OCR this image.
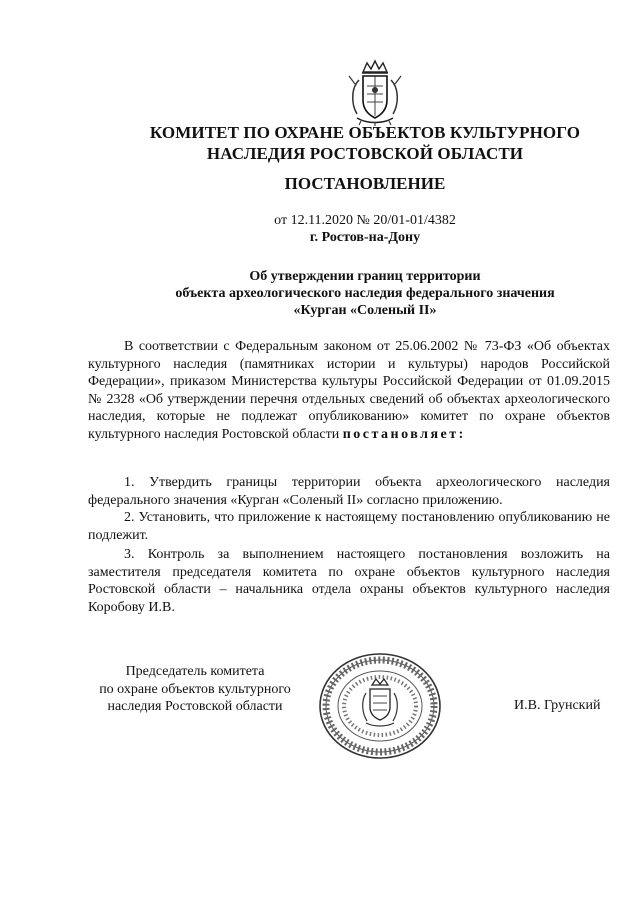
КОМИТЕТ ПО ОХРАНЕ ОБЪЕКТОВ КУЛЬТУРНОГО
НАСЛЕДИЯ РОСТОВСКОЙ ОБЛАСТИ
ПОСТАНОВЛЕНИЕ
от 12.11.2020 № 20/01-01/4382
г. Ростов-на-Дону
Об утверждении границ территории
объекта археологического наследия федерального значения
«Курган «Соленый II»

В соответствии с Федеральным законом от 25.06.2002 № 73-ФЗ «Об объектах культурного наследия (памятниках истории и культуры) народов Российской Федерации», приказом Министерства культуры Российской Федерации от 01.09.2015 № 2328 «Об утверждении перечня отдельных сведений об объектах археологического наследия, которые не подлежат опубликованию» комитет по охране объектов культурного наследия Ростовской области постановляет:

1. Утвердить границы территории объекта археологического наследия федерального значения «Курган «Соленый II» согласно приложению.

2. Установить, что приложение к настоящему постановлению опубликованию не подлежит.

3. Контроль за выполнением настоящего постановления возложить на заместителя председателя комитета по охране объектов культурного наследия Ростовской области – начальника отдела охраны объектов культурного наследия Коробову И.В.

Председатель комитета
по охране объектов культурного
наследия Ростовской области	И.В. Грунский
